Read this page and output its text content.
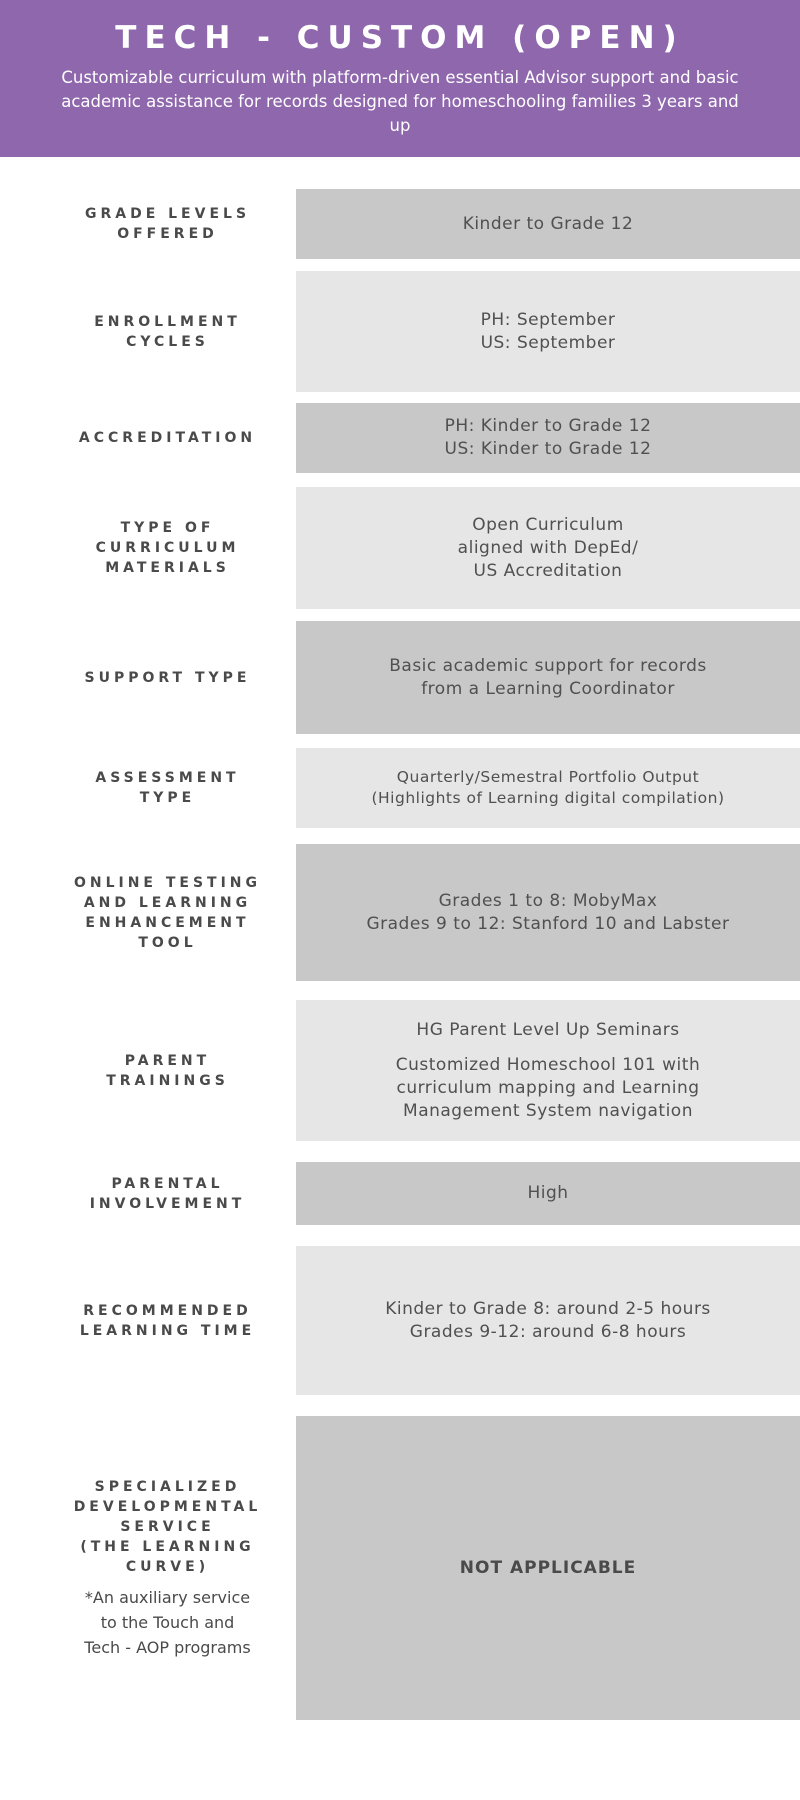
TECH - CUSTOM (OPEN)

Customizable curriculum with platform-driven essential Advisor support and basic academic assistance for records designed for homeschooling families 3 years and up

GRADE LEVELS
OFFERED
Kinder to Grade 12
ENROLLMENT
CYCLES
PH: September
US: September
ACCREDITATION
PH: Kinder to Grade 12
US: Kinder to Grade 12
TYPE OF
CURRICULUM
MATERIALS
Open Curriculum
aligned with DepEd/
US Accreditation
SUPPORT TYPE
Basic academic support for records
from a Learning Coordinator
ASSESSMENT
TYPE
Quarterly/Semestral Portfolio Output
(Highlights of Learning digital compilation)
ONLINE TESTING
AND LEARNING
ENHANCEMENT
TOOL
Grades 1 to 8: MobyMax
Grades 9 to 12: Stanford 10 and Labster
PARENT
TRAININGS
HG Parent Level Up Seminars
Customized Homeschool 101 with
curriculum mapping and Learning
Management System navigation
PARENTAL
INVOLVEMENT
High
RECOMMENDED
LEARNING TIME
Kinder to Grade 8: around 2-5 hours
Grades 9-12: around 6-8 hours
SPECIALIZED
DEVELOPMENTAL
SERVICE
(THE LEARNING
CURVE)
*An auxiliary service
to the Touch and
Tech - AOP programs
NOT APPLICABLE
